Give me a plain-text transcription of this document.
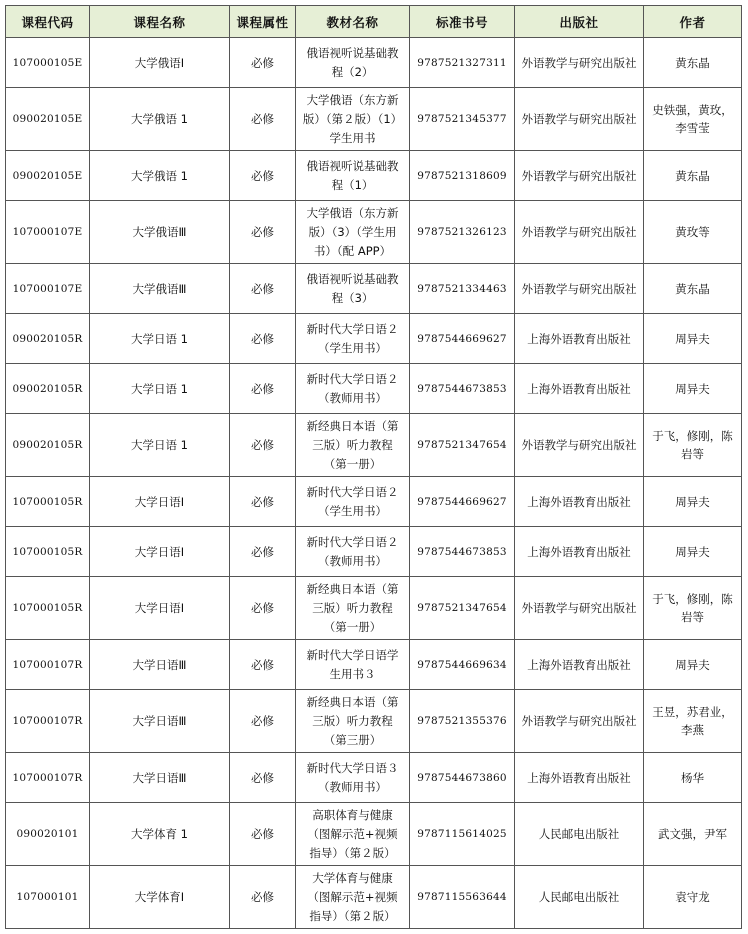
课程代码	课程名称	课程属性	教材名称	标准书号	出版社	作者
107000105E	大学俄语Ⅰ	必修	俄语视听说基础教程（2）	9787521327311	外语教学与研究出版社	黄东晶
090020105E	大学俄语 1	必修	大学俄语（东方新版）（第２版）（1）学生用书	9787521345377	外语教学与研究出版社	史铁强，黄玫，李雪莹
090020105E	大学俄语 1	必修	俄语视听说基础教程（1）	9787521318609	外语教学与研究出版社	黄东晶
107000107E	大学俄语Ⅲ	必修	大学俄语（东方新版）（3）（学生用书）（配 APP）	9787521326123	外语教学与研究出版社	黄玫等
107000107E	大学俄语Ⅲ	必修	俄语视听说基础教程（3）	9787521334463	外语教学与研究出版社	黄东晶
090020105R	大学日语 1	必修	新时代大学日语２（学生用书）	9787544669627	上海外语教育出版社	周异夫
090020105R	大学日语 1	必修	新时代大学日语２（教师用书）	9787544673853	上海外语教育出版社	周异夫
090020105R	大学日语 1	必修	新经典日本语（第三版）听力教程（第一册）	9787521347654	外语教学与研究出版社	于飞，修刚，陈岩等
107000105R	大学日语Ⅰ	必修	新时代大学日语２（学生用书）	9787544669627	上海外语教育出版社	周异夫
107000105R	大学日语Ⅰ	必修	新时代大学日语２（教师用书）	9787544673853	上海外语教育出版社	周异夫
107000105R	大学日语Ⅰ	必修	新经典日本语（第三版）听力教程（第一册）	9787521347654	外语教学与研究出版社	于飞，修刚，陈岩等
107000107R	大学日语Ⅲ	必修	新时代大学日语学生用书３	9787544669634	上海外语教育出版社	周异夫
107000107R	大学日语Ⅲ	必修	新经典日本语（第三版）听力教程（第三册）	9787521355376	外语教学与研究出版社	王昱，苏君业，李燕
107000107R	大学日语Ⅲ	必修	新时代大学日语３（教师用书）	9787544673860	上海外语教育出版社	杨华
090020101	大学体育 1	必修	高职体育与健康（图解示范+视频指导）（第２版）	9787115614025	人民邮电出版社	武文强，尹军
107000101	大学体育Ⅰ	必修	大学体育与健康（图解示范+视频指导）（第２版）	9787115563644	人民邮电出版社	袁守龙
